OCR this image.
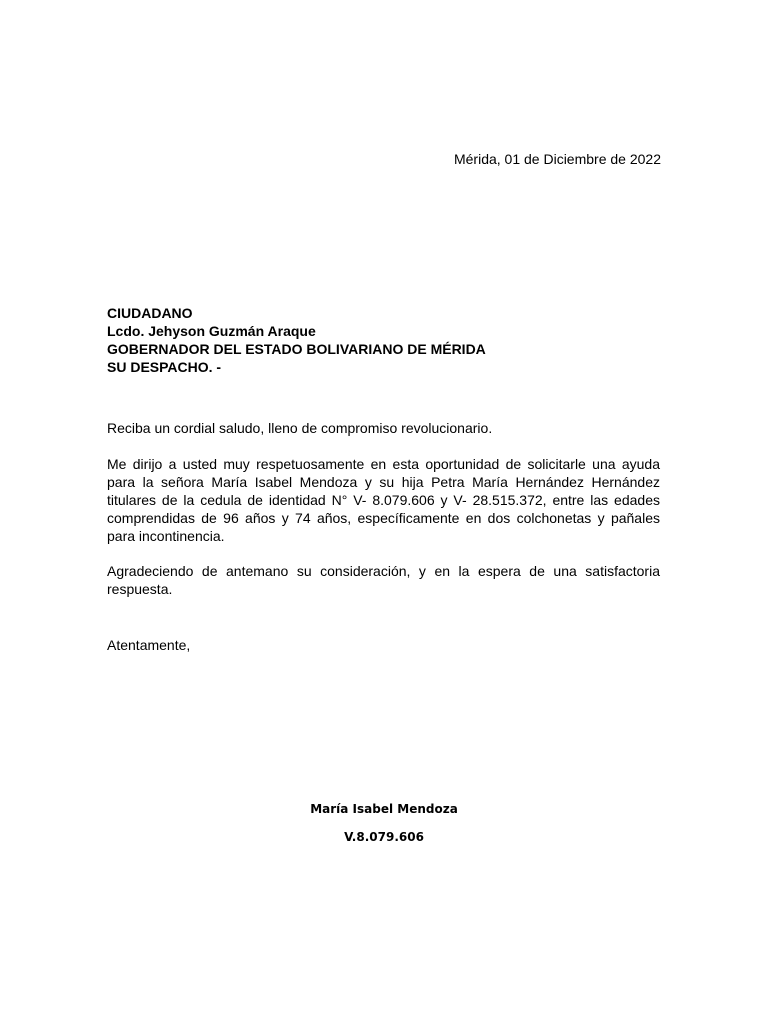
Mérida, 01 de Diciembre de 2022
CIUDADANO
Lcdo. Jehyson Guzmán Araque
GOBERNADOR DEL ESTADO BOLIVARIANO DE MÉRIDA
SU DESPACHO. -
Reciba un cordial saludo, lleno de compromiso revolucionario.
Me dirijo a usted muy respetuosamente en esta oportunidad de solicitarle una ayuda para la señora María Isabel Mendoza y su hija Petra María Hernández Hernández titulares de la cedula de identidad N° V- 8.079.606 y V- 28.515.372, entre las edades comprendidas de 96 años y 74 años, específicamente en dos colchonetas y pañales para incontinencia.
Agradeciendo de antemano su consideración, y en la espera de una satisfactoria respuesta.
Atentamente,
María Isabel Mendoza
V.8.079.606
